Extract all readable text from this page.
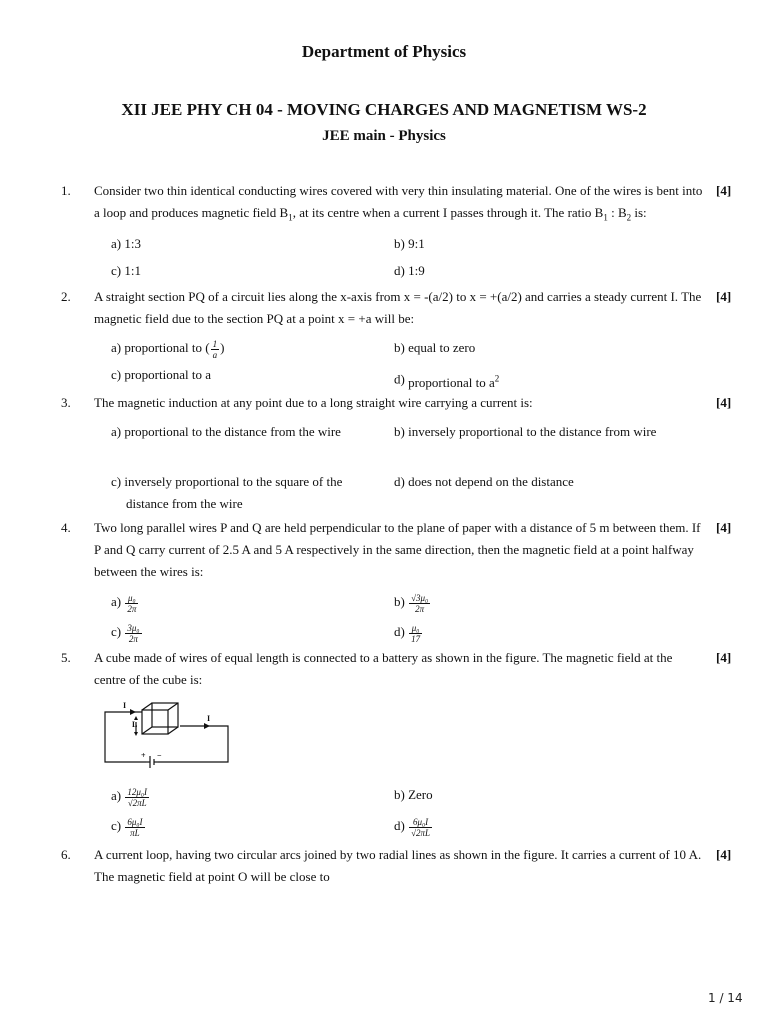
Department of Physics
XII JEE PHY CH 04 - MOVING CHARGES AND MAGNETISM WS-2
JEE main - Physics
1. Consider two thin identical conducting wires covered with very thin insulating material. One of the wires is bent into a loop and produces magnetic field $B_1$, at its centre when a current I passes through it. The ratio $B_1$ : $B_2$ is:
[4]
a) 1:3	b) 9:1
c) 1:1	d) 1:9
2. A straight section PQ of a circuit lies along the x-axis from x = -(a/2) to x = +(a/2) and carries a steady current I. The magnetic field due to the section PQ at a point x = +a will be:
[4]
a) proportional to ( $\frac{1}{a}$ )	b) equal to zero
c) proportional to a	d) proportional to $a^2$
3. The magnetic induction at any point due to a long straight wire carrying a current is:	[4]
a) proportional to the distance from the wire	b) inversely proportional to the distance from wire
c) inversely proportional to the square of the distance from the wire
d) does not depend on the distance
4. Two long parallel wires P and Q are held perpendicular to the plane of paper with a distance of 5 m between them. If P and Q carry current of 2.5 A and 5 A respectively in the same direction, then the magnetic field at a point halfway between the wires is:
[4]
$a) \frac{\text{μ₀}}{2\pi}$	$b) \frac{\text{√3μ₀}}{2\pi}$
$c) \frac{\text{3μ₀}}{2\pi}$	$d) \frac{\text{μ₀}}{17}$
5. A cube made of wires of equal length is connected to a battery as shown in the figure. The magnetic field at the centre of the cube is:
[4]
I
I
L
+ −
$a) \frac{\text{12μ₀I}}{√2\pi L}$	b) Zero
$c) \frac{\text{6μ₀I}}{\pi L}$	$d) \frac{\text{6μ₀I}}{√2\pi L}$
6. A current loop, having two circular arcs joined by two radial lines as shown in the figure. It carries a current of 10 A. The magnetic field at point O will be close to
[4]
1 / 14
